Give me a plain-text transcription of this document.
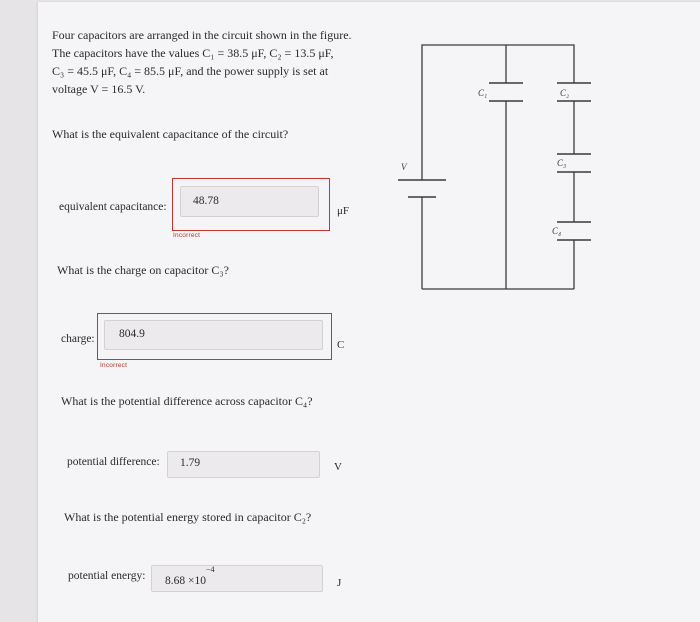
Four capacitors are arranged in the circuit shown in the figure.
The capacitors have the values C₁ = 38.5 μF, C₂ = 13.5 μF,
C₃ = 45.5 μF, C₄ = 85.5 μF, and the power supply is set at
voltage V = 16.5 V.
What is the equivalent capacitance of the circuit?
equivalent capacitance: 48.78
μF
Incorrect
What is the charge on capacitor C₃?
charge: 804.9
C
Incorrect
What is the potential difference across capacitor C₄?
potential difference: 1.79	V
What is the potential energy stored in capacitor C₂?
potential energy: $8.68 \times 10^{-4}$
J
V
C₁	C₂
C₃
C₄
